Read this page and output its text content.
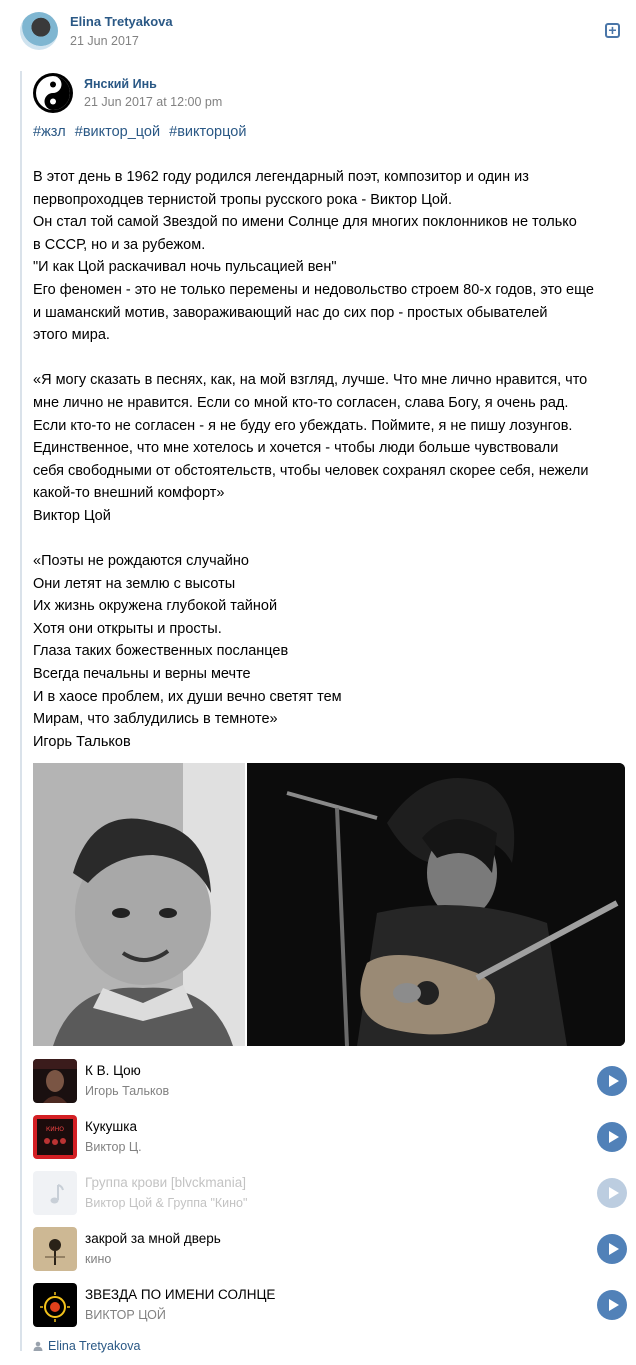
Elina Tretyakova
21 Jun 2017
+
Янский Инь
21 Jun 2017 at 12:00 pm
#жзл #виктор_цой #викторцой
В этот день в 1962 году родился легендарный поэт, композитор и один из
первопроходцев тернистой тропы русского рока - Виктор Цой.
Он стал той самой Звездой по имени Солнце для многих поклонников не только
в СССР, но и за рубежом.
"И как Цой раскачивал ночь пульсацией вен"
Его феномен - это не только перемены и недовольство строем 80-х годов, это еще
и шаманский мотив, завораживающий нас до сих пор - простых обывателей
этого мира.
«Я могу сказать в песнях, как, на мой взгляд, лучше. Что мне лично нравится, что
мне лично не нравится. Если со мной кто-то согласен, слава Богу, я очень рад.
Если кто-то не согласен - я не буду его убеждать. Поймите, я не пишу лозунгов.
Единственное, что мне хотелось и хочется - чтобы люди больше чувствовали
себя свободными от обстоятельств, чтобы человек сохранял скорее себя, нежели
какой-то внешний комфорт»
Виктор Цой
«Поэты не рождаются случайно
Они летят на землю с высоты
Их жизнь окружена глубокой тайной
Хотя они открыты и просты.
Глаза таких божественных посланцев
Всегда печальны и верны мечте
И в хаосе проблем, их души вечно светят тем
Мирам, что заблудились в темноте»
Игорь Тальков
К В. Цою
Игорь Тальков
КИНО Кукушка
Виктор Ц.
Группа крови [blvckmania]
Виктор Цой & Группа "Кино"
закрой за мной дверь
кино
ЗВЕЗДА ПО ИМЕНИ СОЛНЦЕ
ВИКТОР ЦОЙ
Elina Tretyakova
